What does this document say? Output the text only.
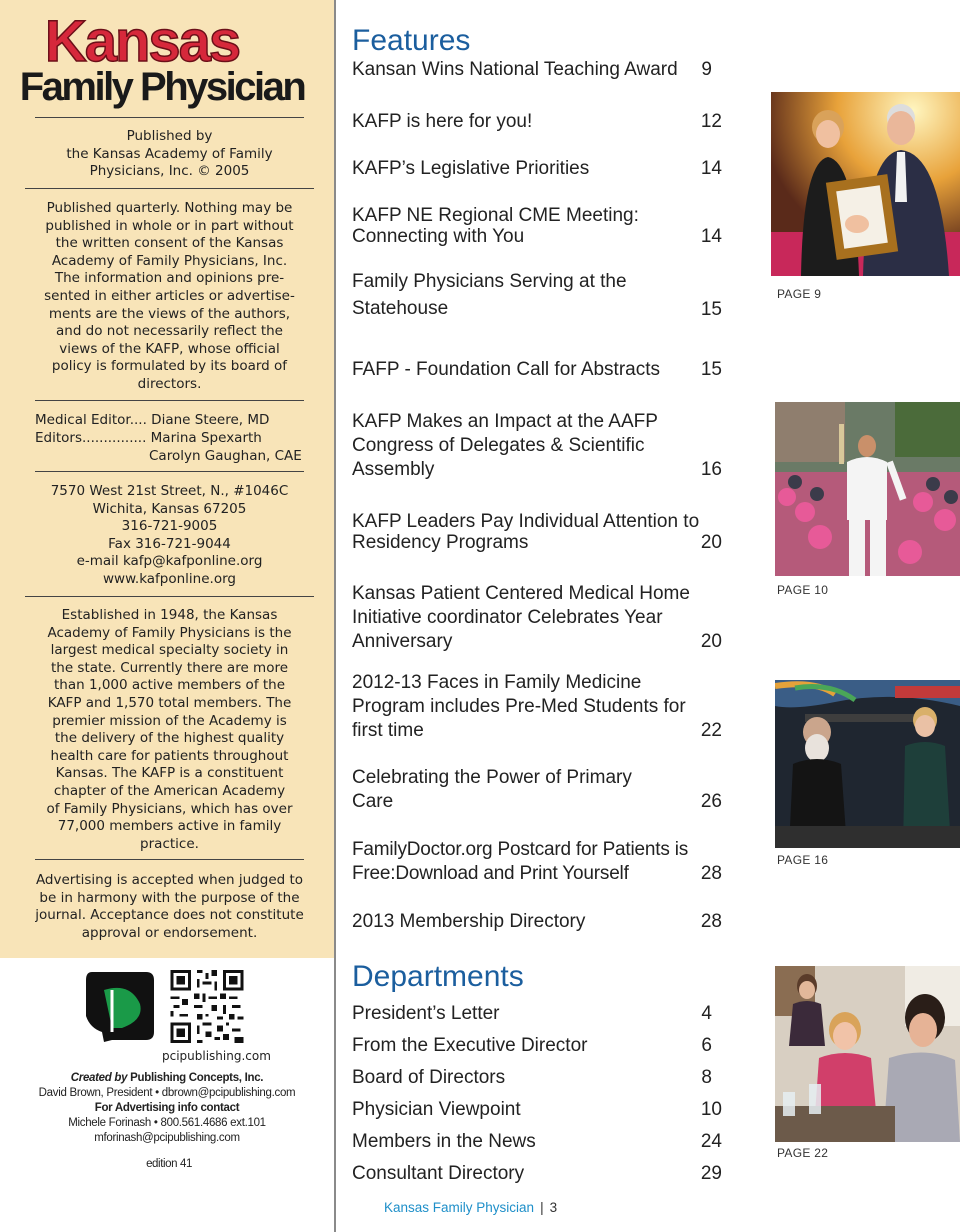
Kansas
Family Physician
Published by
the Kansas Academy of Family
Physicians, Inc. © 2005
Published quarterly. Nothing may be
published in whole or in part without
the written consent of the Kansas
Academy of Family Physicians, Inc.
The information and opinions pre-
sented in either articles or advertise-
ments are the views of the authors,
and do not necessarily reflect the
views of the KAFP, whose official
policy is formulated by its board of
directors.
Medical Editor.... Diane Steere, MD
Editors............... Marina Spexarth
Carolyn Gaughan, CAE
7570 West 21st Street, N., #1046C
Wichita, Kansas 67205
316-721-9005
Fax 316-721-9044
e-mail kafp@kafponline.org
www.kafponline.org
Established in 1948, the Kansas
Academy of Family Physicians is the
largest medical specialty society in
the state. Currently there are more
than 1,000 active members of the
KAFP and 1,570 total members. The
premier mission of the Academy is
the delivery of the highest quality
health care for patients throughout
Kansas. The KAFP is a constituent
chapter of the American Academy
of Family Physicians, which has over
77,000 members active in family
practice.
Advertising is accepted when judged to
be in harmony with the purpose of the
journal. Acceptance does not constitute
approval or endorsement.
pcipublishing.com
Created by Publishing Concepts, Inc.
David Brown, President • dbrown@pcipublishing.com
For Advertising info contact
Michele Forinash • 800.561.4686 ext.101
mforinash@pcipublishing.com
edition 41
Features
Kansan Wins National Teaching Award	9
KAFP is here for you!	12
KAFP’s Legislative Priorities	14
KAFP NE Regional CME Meeting: Connecting with You	14
Family Physicians Serving at the Statehouse	15
FAFP - Foundation Call for Abstracts	15
KAFP Makes an Impact at the AAFP Congress of Delegates & Scientific Assembly	16
KAFP Leaders Pay Individual Attention to Residency Programs	20
Kansas Patient Centered Medical Home Initiative coordinator Celebrates Year Anniversary	20
2012-13 Faces in Family Medicine Program includes Pre-Med Students for first time	22
Celebrating the Power of Primary Care	26
FamilyDoctor.org Postcard for Patients is Free:Download and Print Yourself	28
2013 Membership Directory	28
Departments
President’s Letter	4
From the Executive Director	6
Board of Directors	8
Physician Viewpoint	10
Members in the News	24
Consultant Directory	29
PAGE 9
PAGE 10
PAGE 16
PAGE 22
Kansas Family Physician | 3
